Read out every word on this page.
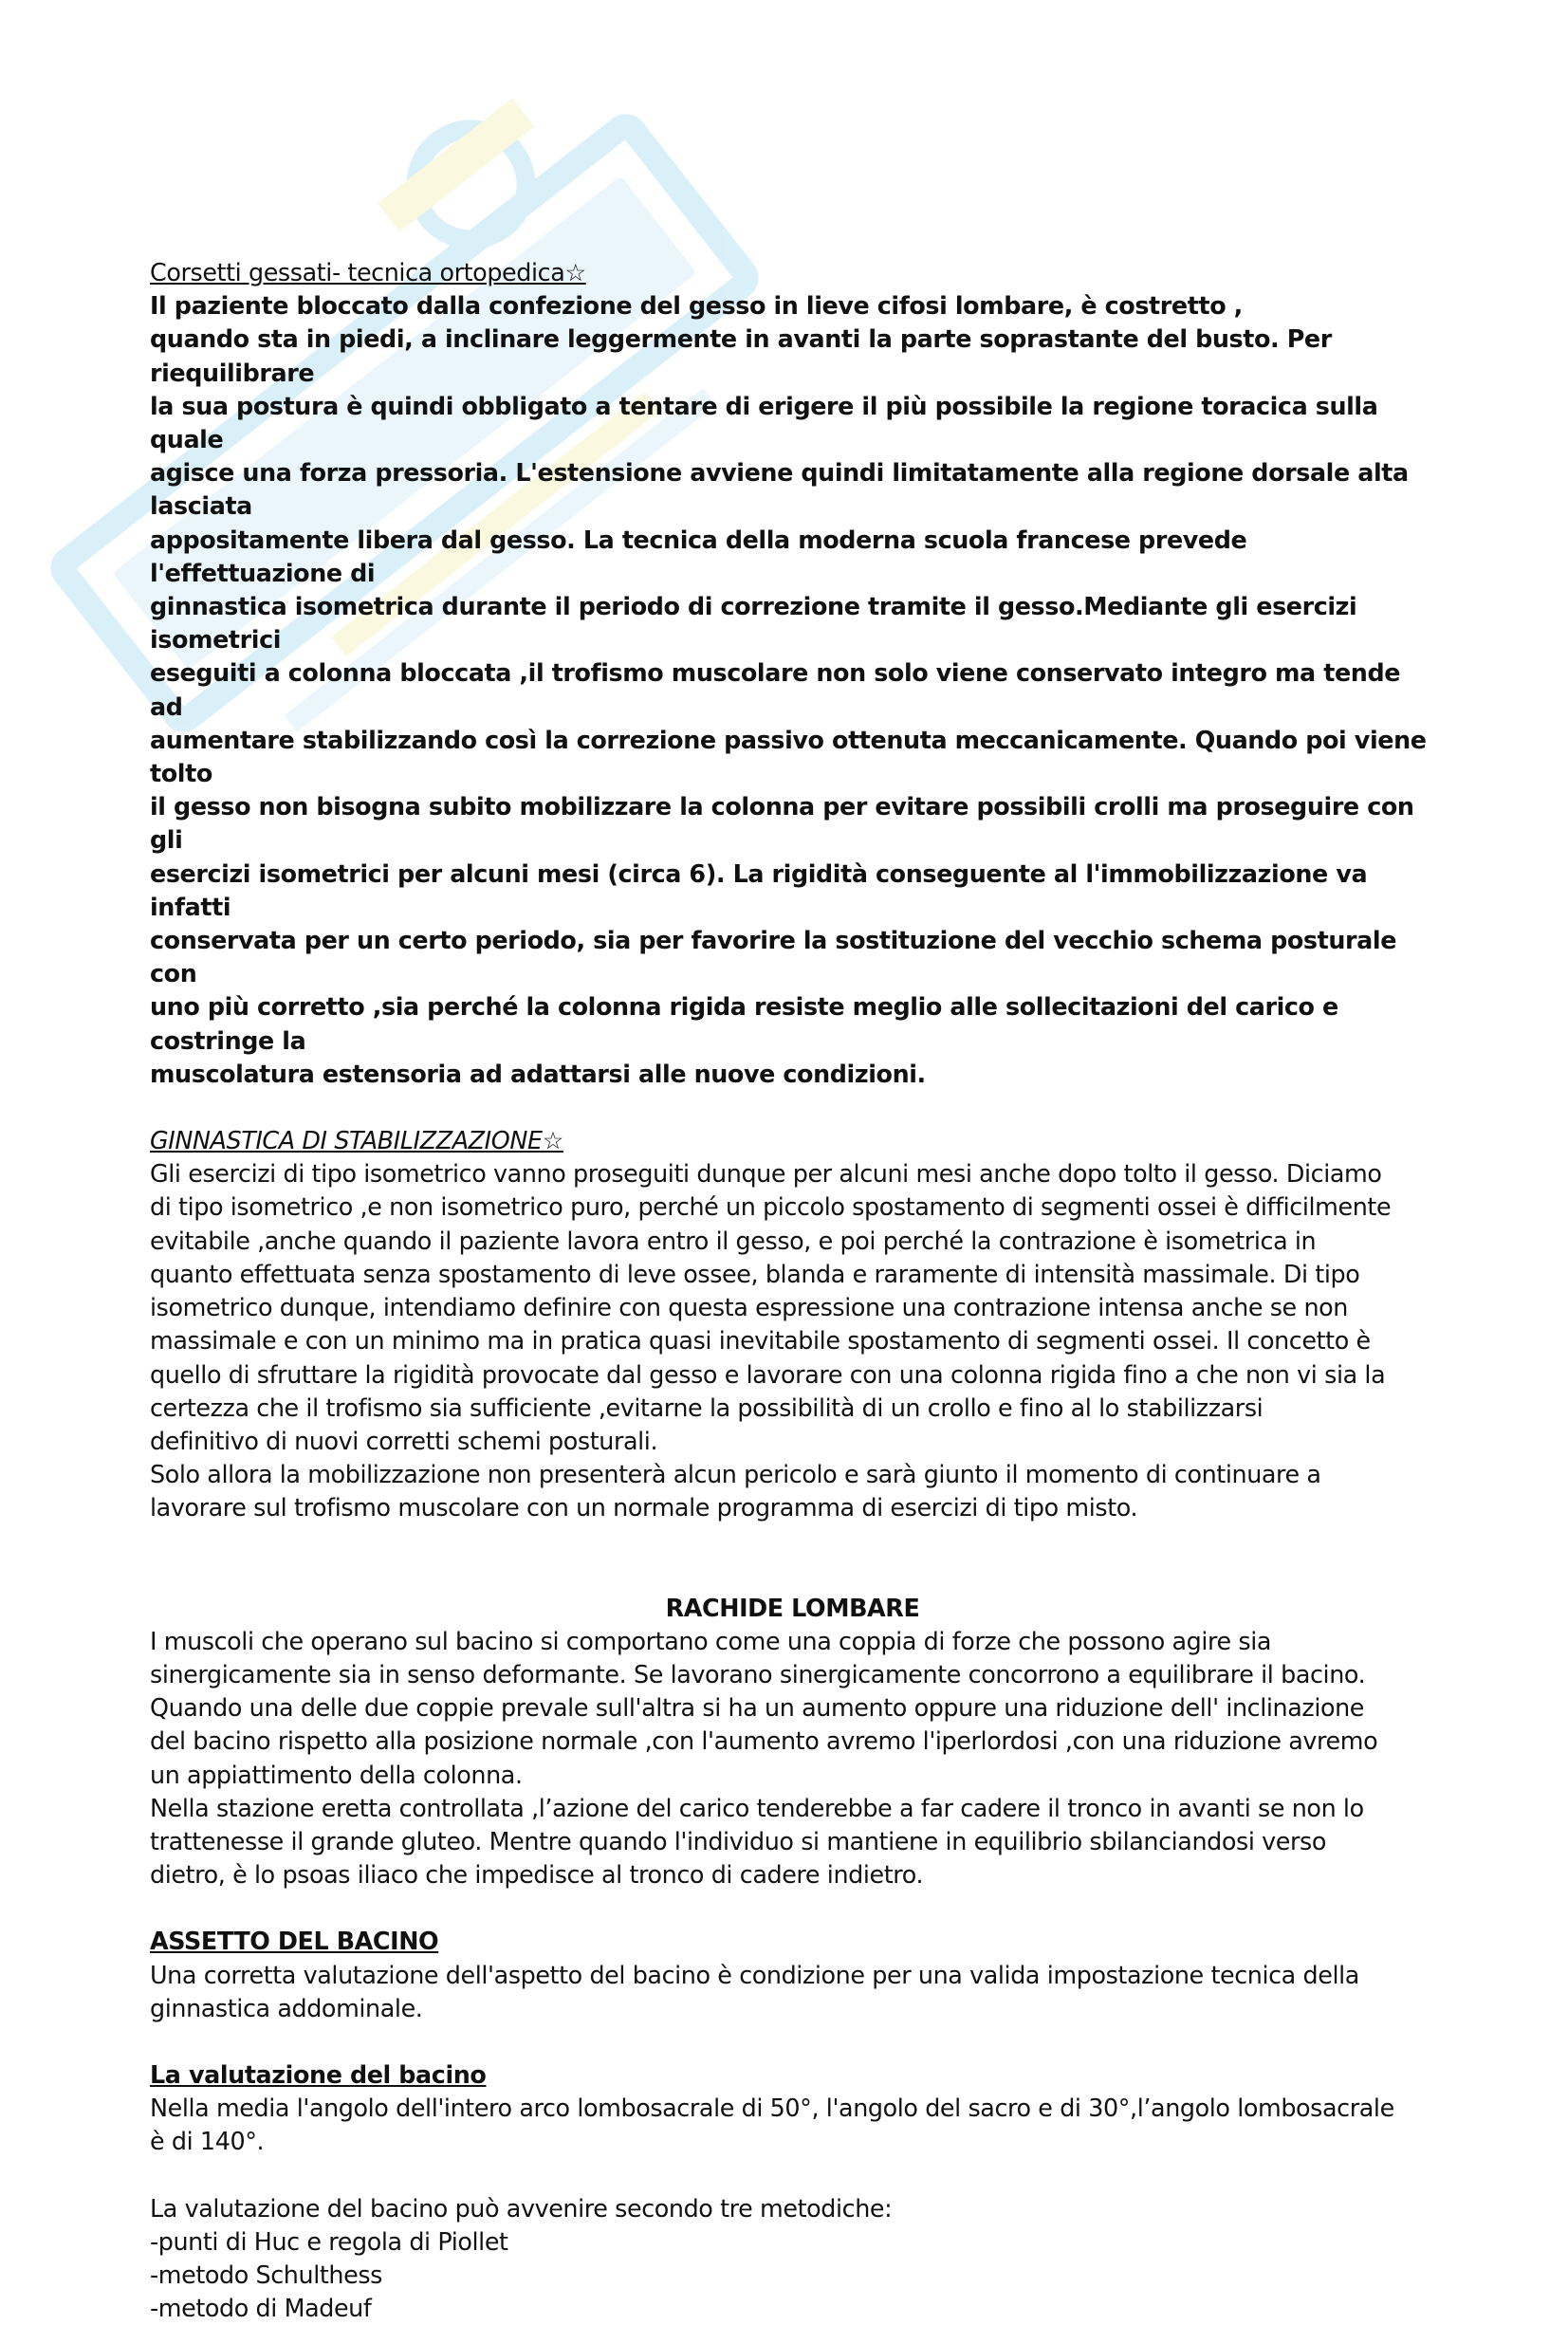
Corsetti gessati- tecnica ortopedica☆

Il paziente bloccato dalla confezione del gesso in lieve cifosi lombare, è costretto ,

quando sta in piedi, a inclinare leggermente in avanti la parte soprastante del busto. Per riequilibrare

la sua postura è quindi obbligato a tentare di erigere il più possibile la regione toracica sulla quale

agisce una forza pressoria. L'estensione avviene quindi limitatamente alla regione dorsale alta lasciata

appositamente libera dal gesso. La tecnica della moderna scuola francese prevede l'effettuazione di

ginnastica isometrica durante il periodo di correzione tramite il gesso.Mediante gli esercizi isometrici

eseguiti a colonna bloccata ,il trofismo muscolare non solo viene conservato integro ma tende ad

aumentare stabilizzando così la correzione passivo ottenuta meccanicamente. Quando poi viene tolto

il gesso non bisogna subito mobilizzare la colonna per evitare possibili crolli ma proseguire con gli

esercizi isometrici per alcuni mesi (circa 6). La rigidità conseguente al l'immobilizzazione va infatti

conservata per un certo periodo, sia per favorire la sostituzione del vecchio schema posturale con

uno più corretto ,sia perché la colonna rigida resiste meglio alle sollecitazioni del carico e costringe la

muscolatura estensoria ad adattarsi alle nuove condizioni.

GINNASTICA DI STABILIZZAZIONE☆

Gli esercizi di tipo isometrico vanno proseguiti dunque per alcuni mesi anche dopo tolto il gesso. Diciamo

di tipo isometrico ,e non isometrico puro, perché un piccolo spostamento di segmenti ossei è difficilmente

evitabile ,anche quando il paziente lavora entro il gesso, e poi perché la contrazione è isometrica in

quanto effettuata senza spostamento di leve ossee, blanda e raramente di intensità massimale. Di tipo

isometrico dunque, intendiamo definire con questa espressione una contrazione intensa anche se non

massimale e con un minimo ma in pratica quasi inevitabile spostamento di segmenti ossei. Il concetto è

quello di sfruttare la rigidità provocate dal gesso e lavorare con una colonna rigida fino a che non vi sia la

certezza che il trofismo sia sufficiente ,evitarne la possibilità di un crollo e fino al lo stabilizzarsi

definitivo di nuovi corretti schemi posturali.

Solo allora la mobilizzazione non presenterà alcun pericolo e sarà giunto il momento di continuare a

lavorare sul trofismo muscolare con un normale programma di esercizi di tipo misto.

RACHIDE LOMBARE

I muscoli che operano sul bacino si comportano come una coppia di forze che possono agire sia

sinergicamente sia in senso deformante. Se lavorano sinergicamente concorrono a equilibrare il bacino.

Quando una delle due coppie prevale sull'altra si ha un aumento oppure una riduzione dell' inclinazione

del bacino rispetto alla posizione normale ,con l'aumento avremo l'iperlordosi ,con una riduzione avremo

un appiattimento della colonna.

Nella stazione eretta controllata ,l’azione del carico tenderebbe a far cadere il tronco in avanti se non lo

trattenesse il grande gluteo. Mentre quando l'individuo si mantiene in equilibrio sbilanciandosi verso

dietro, è lo psoas iliaco che impedisce al tronco di cadere indietro.

ASSETTO DEL BACINO

Una corretta valutazione dell'aspetto del bacino è condizione per una valida impostazione tecnica della

ginnastica addominale.

La valutazione del bacino

Nella media l'angolo dell'intero arco lombosacrale di 50°, l'angolo del sacro e di 30°,l’angolo lombosacrale

è di 140°.

La valutazione del bacino può avvenire secondo tre metodiche:

-punti di Huc e regola di Piollet

-metodo Schulthess

-metodo di Madeuf
